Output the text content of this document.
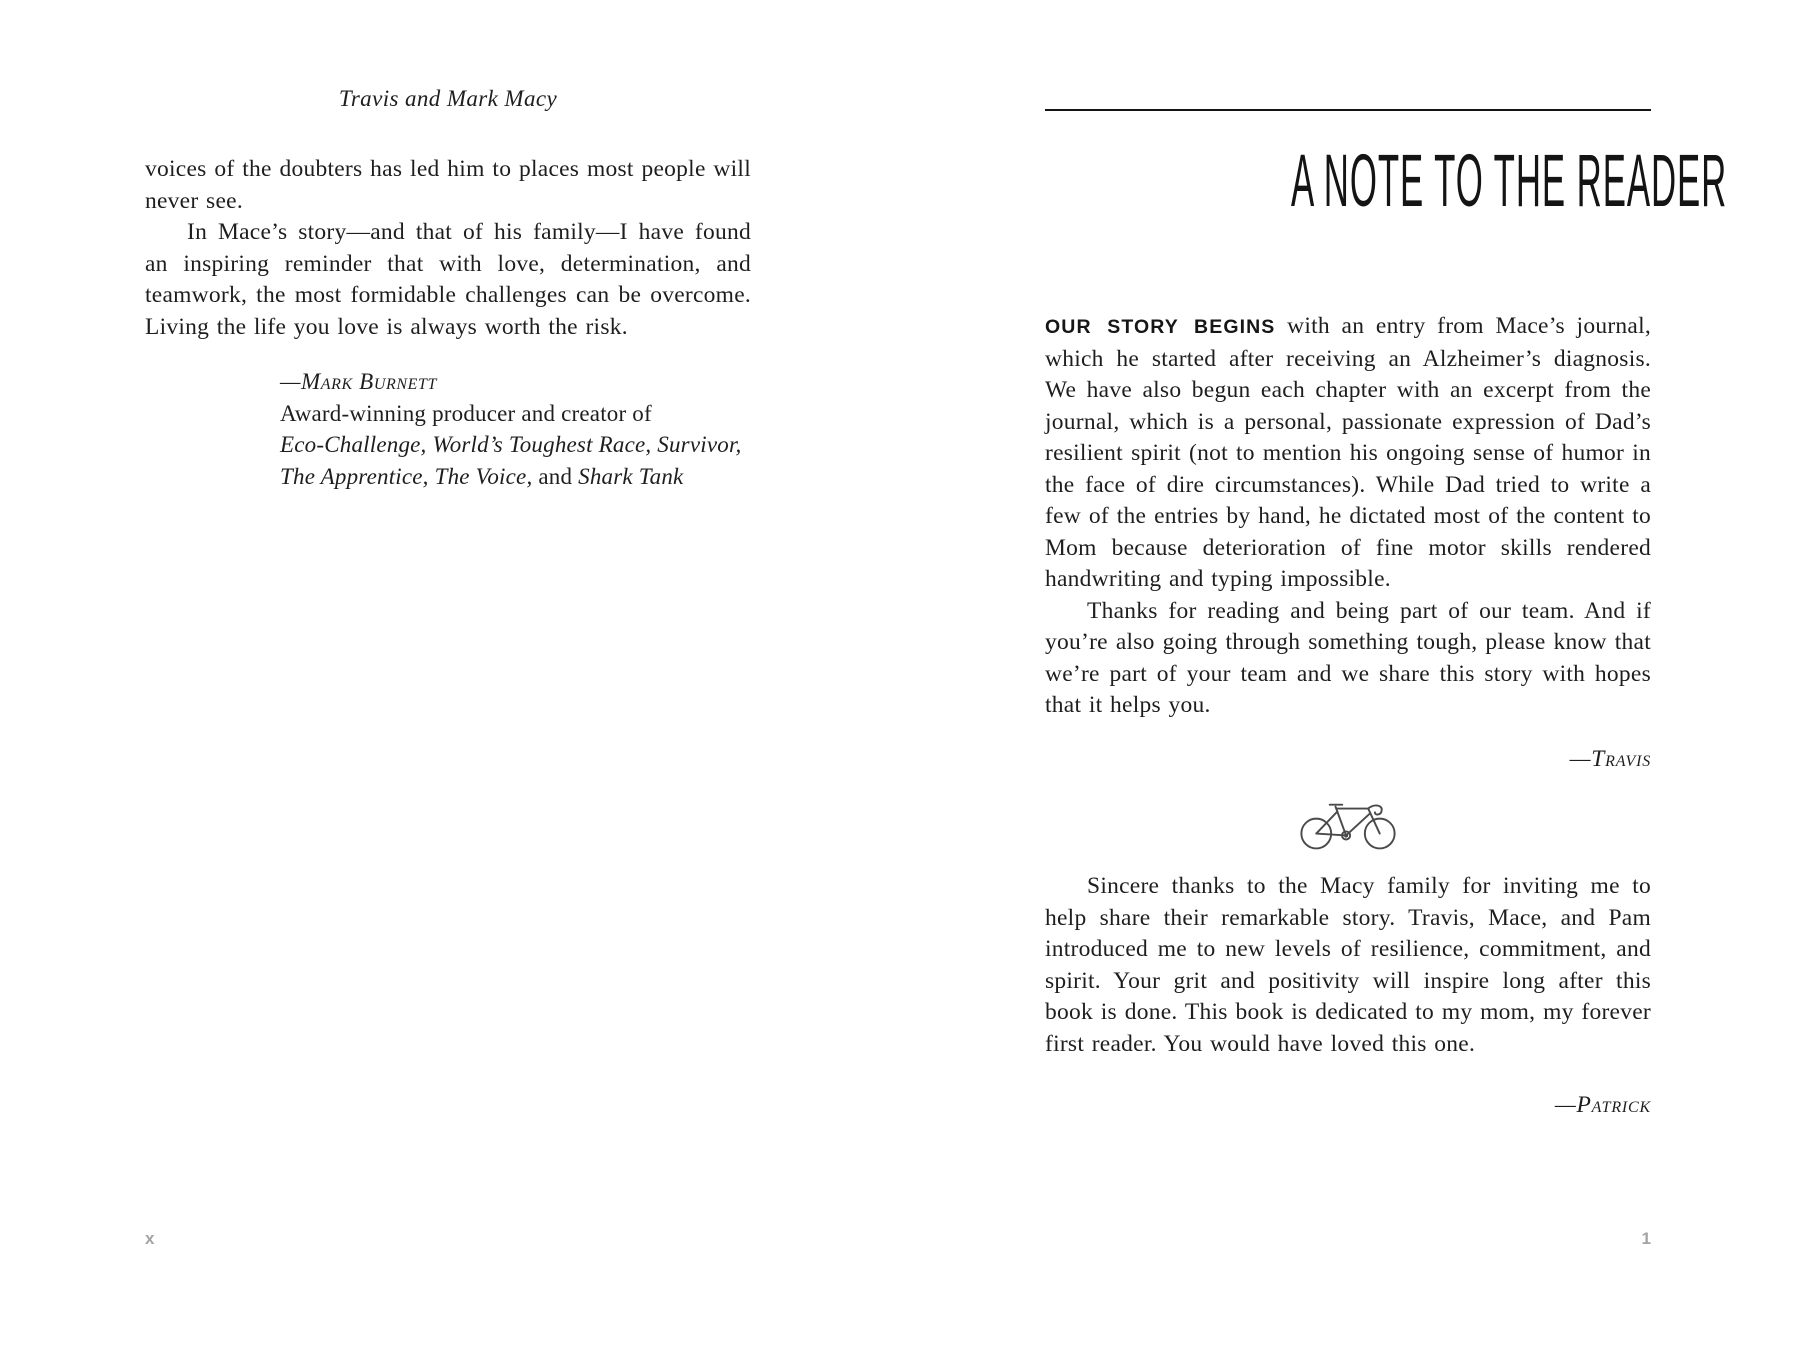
Travis and Mark Macy

voices of the doubters has led him to places most people will never see.

In Mace’s story—and that of his family—I have found an inspiring reminder that with love, determination, and teamwork, the most formidable challenges can be overcome. Living the life you love is always worth the risk.

—Mark Burnett
Award-winning producer and creator of
Eco-Challenge, World’s Toughest Race, Survivor,
The Apprentice, The Voice, and Shark Tank
x
A NOTE TO THE READER

OUR STORY BEGINS with an entry from Mace’s journal, which he started after receiving an Alzheimer’s diagnosis. We have also begun each chapter with an excerpt from the journal, which is a personal, passionate expression of Dad’s resilient spirit (not to mention his ongoing sense of humor in the face of dire circumstances). While Dad tried to write a few of the entries by hand, he dictated most of the content to Mom because deterioration of fine motor skills rendered handwriting and typing impossible.

Thanks for reading and being part of our team. And if you’re also going through something tough, please know that we’re part of your team and we share this story with hopes that it helps you.

—Travis

Sincere thanks to the Macy family for inviting me to help share their remarkable story. Travis, Mace, and Pam introduced me to new levels of resilience, commitment, and spirit. Your grit and positivity will inspire long after this book is done. This book is dedicated to my mom, my forever first reader. You would have loved this one.

—Patrick
1
